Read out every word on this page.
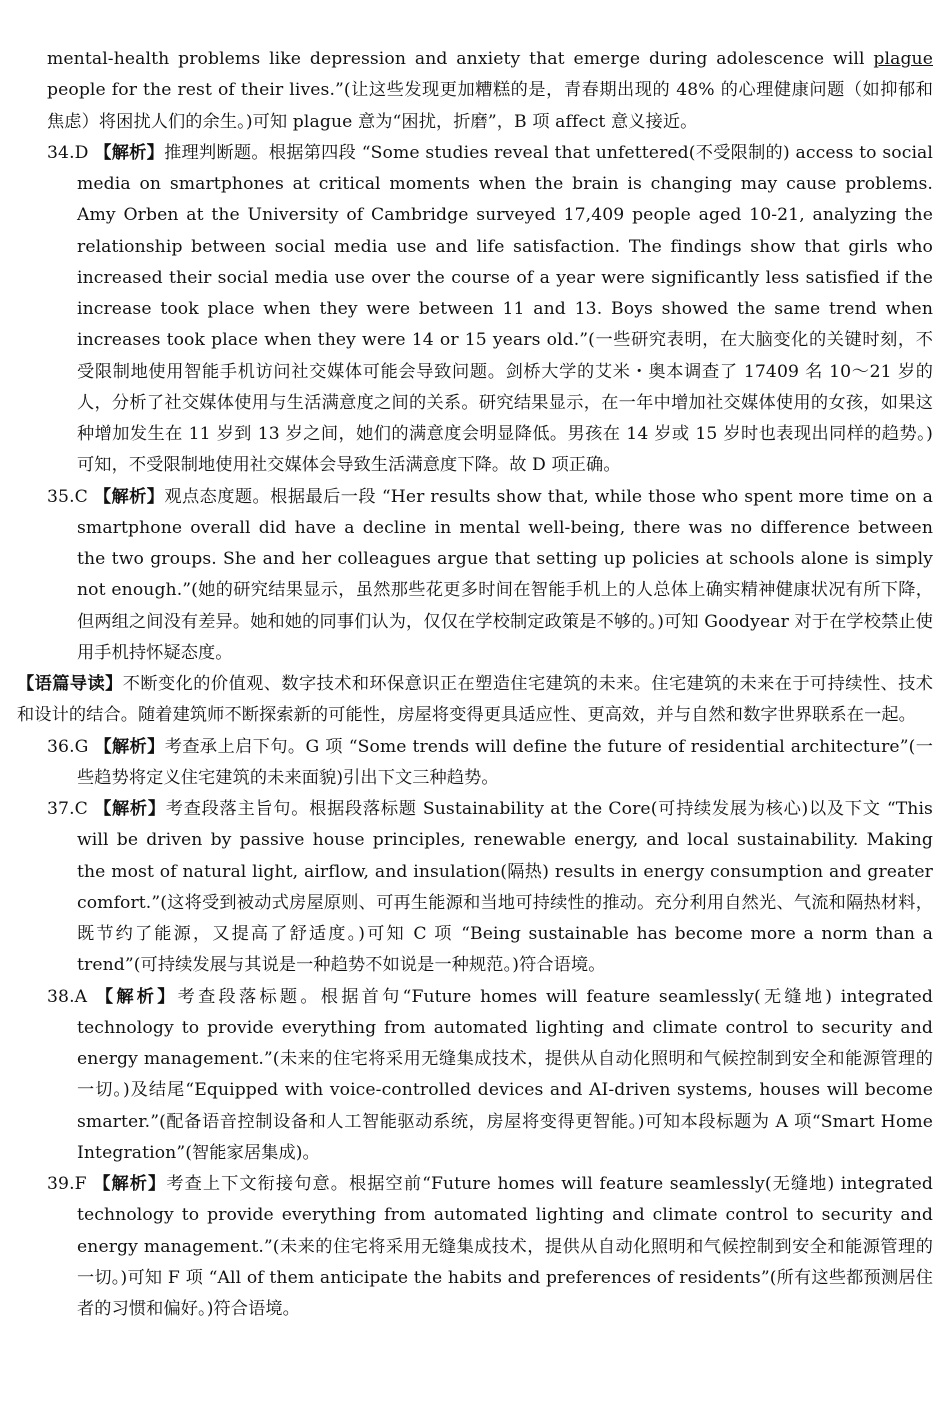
mental-health problems like depression and anxiety that emerge during adolescence will plague people for the rest of their lives.”(让这些发现更加糟糕的是，青春期出现的 48% 的心理健康问题（如抑郁和焦虑）将困扰人们的余生。)可知 plague 意为“困扰，折磨”，B 项 affect 意义接近。

34.D 【解析】推理判断题。根据第四段 “Some studies reveal that unfettered(不受限制的) access to social media on smartphones at critical moments when the brain is changing may cause problems. Amy Orben at the University of Cambridge surveyed 17,409 people aged 10-21, analyzing the relationship between social media use and life satisfaction. The findings show that girls who increased their social media use over the course of a year were significantly less satisfied if the increase took place when they were between 11 and 13. Boys showed the same trend when increases took place when they were 14 or 15 years old.”(一些研究表明，在大脑变化的关键时刻，不受限制地使用智能手机访问社交媒体可能会导致问题。剑桥大学的艾米・奥本调查了 17409 名 10～21 岁的人，分析了社交媒体使用与生活满意度之间的关系。研究结果显示，在一年中增加社交媒体使用的女孩，如果这种增加发生在 11 岁到 13 岁之间，她们的满意度会明显降低。男孩在 14 岁或 15 岁时也表现出同样的趋势。)可知，不受限制地使用社交媒体会导致生活满意度下降。故 D 项正确。

35.C 【解析】观点态度题。根据最后一段 “Her results show that, while those who spent more time on a smartphone overall did have a decline in mental well-being, there was no difference between the two groups. She and her colleagues argue that setting up policies at schools alone is simply not enough.”(她的研究结果显示，虽然那些花更多时间在智能手机上的人总体上确实精神健康状况有所下降，但两组之间没有差异。她和她的同事们认为，仅仅在学校制定政策是不够的。)可知 Goodyear 对于在学校禁止使用手机持怀疑态度。

【语篇导读】不断变化的价值观、数字技术和环保意识正在塑造住宅建筑的未来。住宅建筑的未来在于可持续性、技术和设计的结合。随着建筑师不断探索新的可能性，房屋将变得更具适应性、更高效，并与自然和数字世界联系在一起。

36.G 【解析】考查承上启下句。G 项 “Some trends will define the future of residential architecture”(一些趋势将定义住宅建筑的未来面貌)引出下文三种趋势。

37.C 【解析】考查段落主旨句。根据段落标题 Sustainability at the Core(可持续发展为核心)以及下文 “This will be driven by passive house principles, renewable energy, and local sustainability. Making the most of natural light, airflow, and insulation(隔热) results in energy consumption and greater comfort.”(这将受到被动式房屋原则、可再生能源和当地可持续性的推动。充分利用自然光、气流和隔热材料，既节约了能源，又提高了舒适度。)可知 C 项 “Being sustainable has become more a norm than a trend”(可持续发展与其说是一种趋势不如说是一种规范。)符合语境。

38.A 【解析】考查段落标题。根据首句“Future homes will feature seamlessly(无缝地) integrated technology to provide everything from automated lighting and climate control to security and energy management.”(未来的住宅将采用无缝集成技术，提供从自动化照明和气候控制到安全和能源管理的一切。)及结尾“Equipped with voice-controlled devices and AI-driven systems, houses will become smarter.”(配备语音控制设备和人工智能驱动系统，房屋将变得更智能。)可知本段标题为 A 项“Smart Home Integration”(智能家居集成)。

39.F 【解析】考查上下文衔接句意。根据空前“Future homes will feature seamlessly(无缝地) integrated technology to provide everything from automated lighting and climate control to security and energy management.”(未来的住宅将采用无缝集成技术，提供从自动化照明和气候控制到安全和能源管理的一切。)可知 F 项 “All of them anticipate the habits and preferences of residents”(所有这些都预测居住者的习惯和偏好。)符合语境。
